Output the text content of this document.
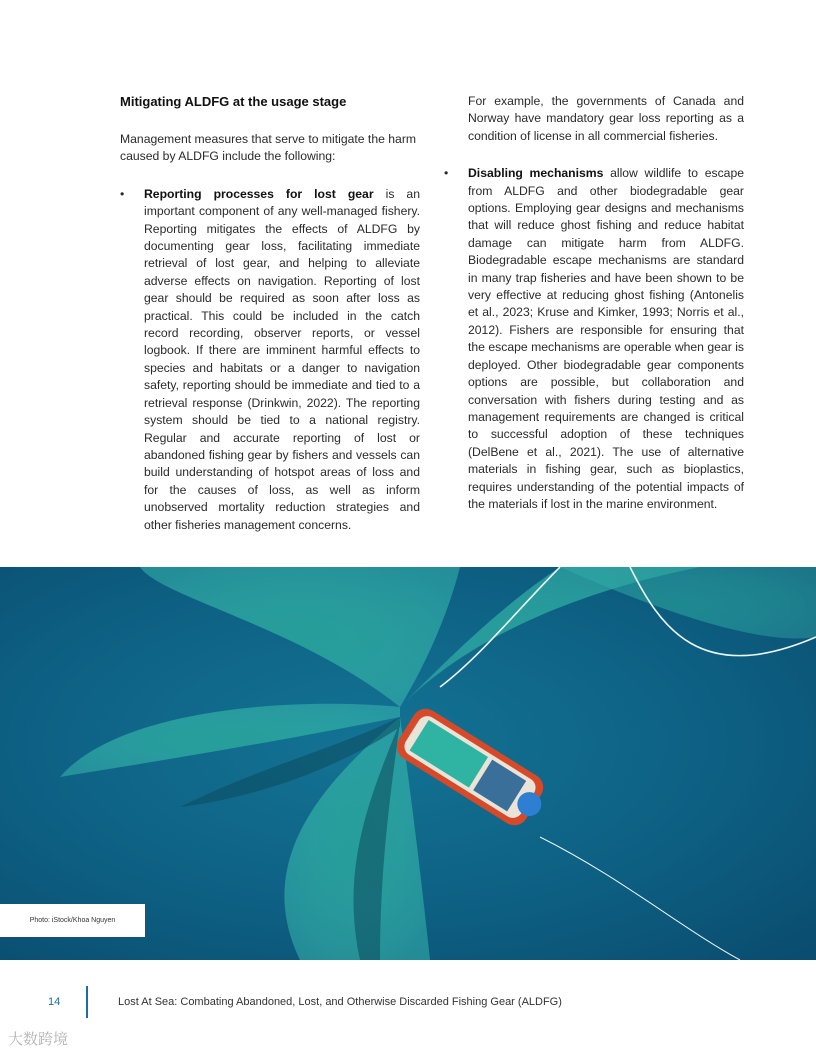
Mitigating ALDFG at the usage stage

Management measures that serve to mitigate the harm caused by ALDFG include the following:

• Reporting processes for lost gear is an important component of any well-managed fishery. Reporting mitigates the effects of ALDFG by documenting gear loss, facilitating immediate retrieval of lost gear, and helping to alleviate adverse effects on navigation. Reporting of lost gear should be required as soon after loss as practical. This could be included in the catch record recording, observer reports, or vessel logbook. If there are imminent harmful effects to species and habitats or a danger to navigation safety, reporting should be immediate and tied to a retrieval response (Drinkwin, 2022). The reporting system should be tied to a national registry. Regular and accurate reporting of lost or abandoned fishing gear by fishers and vessels can build understanding of hotspot areas of loss and for the causes of loss, as well as inform unobserved mortality reduction strategies and other fisheries management concerns.

For example, the governments of Canada and Norway have mandatory gear loss reporting as a condition of license in all commercial fisheries.

• Disabling mechanisms allow wildlife to escape from ALDFG and other biodegradable gear options. Employing gear designs and mechanisms that will reduce ghost fishing and reduce habitat damage can mitigate harm from ALDFG. Biodegradable escape mechanisms are standard in many trap fisheries and have been shown to be very effective at reducing ghost fishing (Antonelis et al., 2023; Kruse and Kimker, 1993; Norris et al., 2012). Fishers are responsible for ensuring that the escape mechanisms are operable when gear is deployed. Other biodegradable gear components options are possible, but collaboration and conversation with fishers during testing and as management requirements are changed is critical to successful adoption of these techniques (DelBene et al., 2021). The use of alternative materials in fishing gear, such as bioplastics, requires understanding of the potential impacts of the materials if lost in the marine environment.
Photo: iStock/Khoa Nguyen
14	Lost At Sea: Combating Abandoned, Lost, and Otherwise Discarded Fishing Gear (ALDFG)
大数跨境
